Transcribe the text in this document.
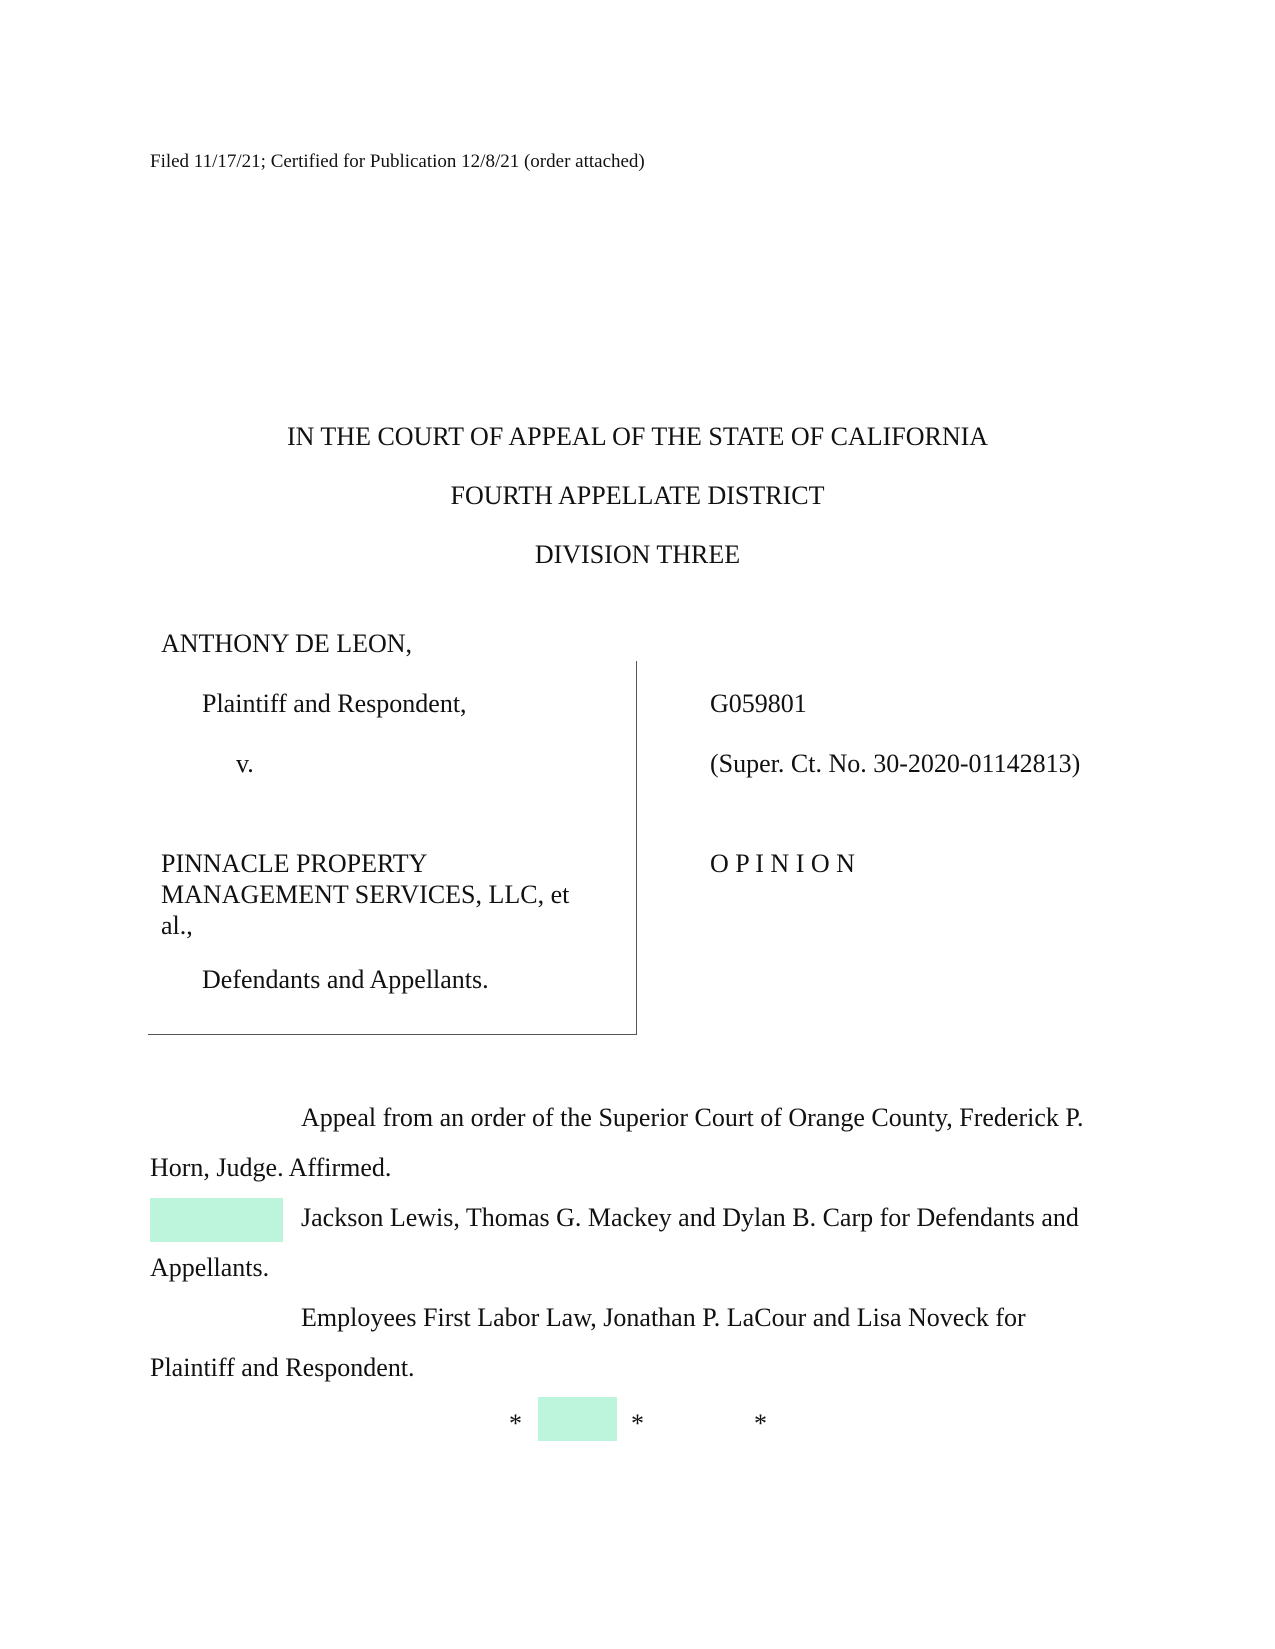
Filed 11/17/21; Certified for Publication 12/8/21 (order attached)
IN THE COURT OF APPEAL OF THE STATE OF CALIFORNIA
FOURTH APPELLATE DISTRICT
DIVISION THREE
ANTHONY DE LEON,
Plaintiff and Respondent,
v.
PINNACLE PROPERTY MANAGEMENT SERVICES, LLC, et al.,
Defendants and Appellants.
G059801
(Super. Ct. No. 30-2020-01142813)
O P I N I O N
Appeal from an order of the Superior Court of Orange County, Frederick P.
Horn, Judge. Affirmed.
Jackson Lewis, Thomas G. Mackey and Dylan B. Carp for Defendants and
Appellants.
Employees First Labor Law, Jonathan P. LaCour and Lisa Noveck for
Plaintiff and Respondent.
*	*	*
